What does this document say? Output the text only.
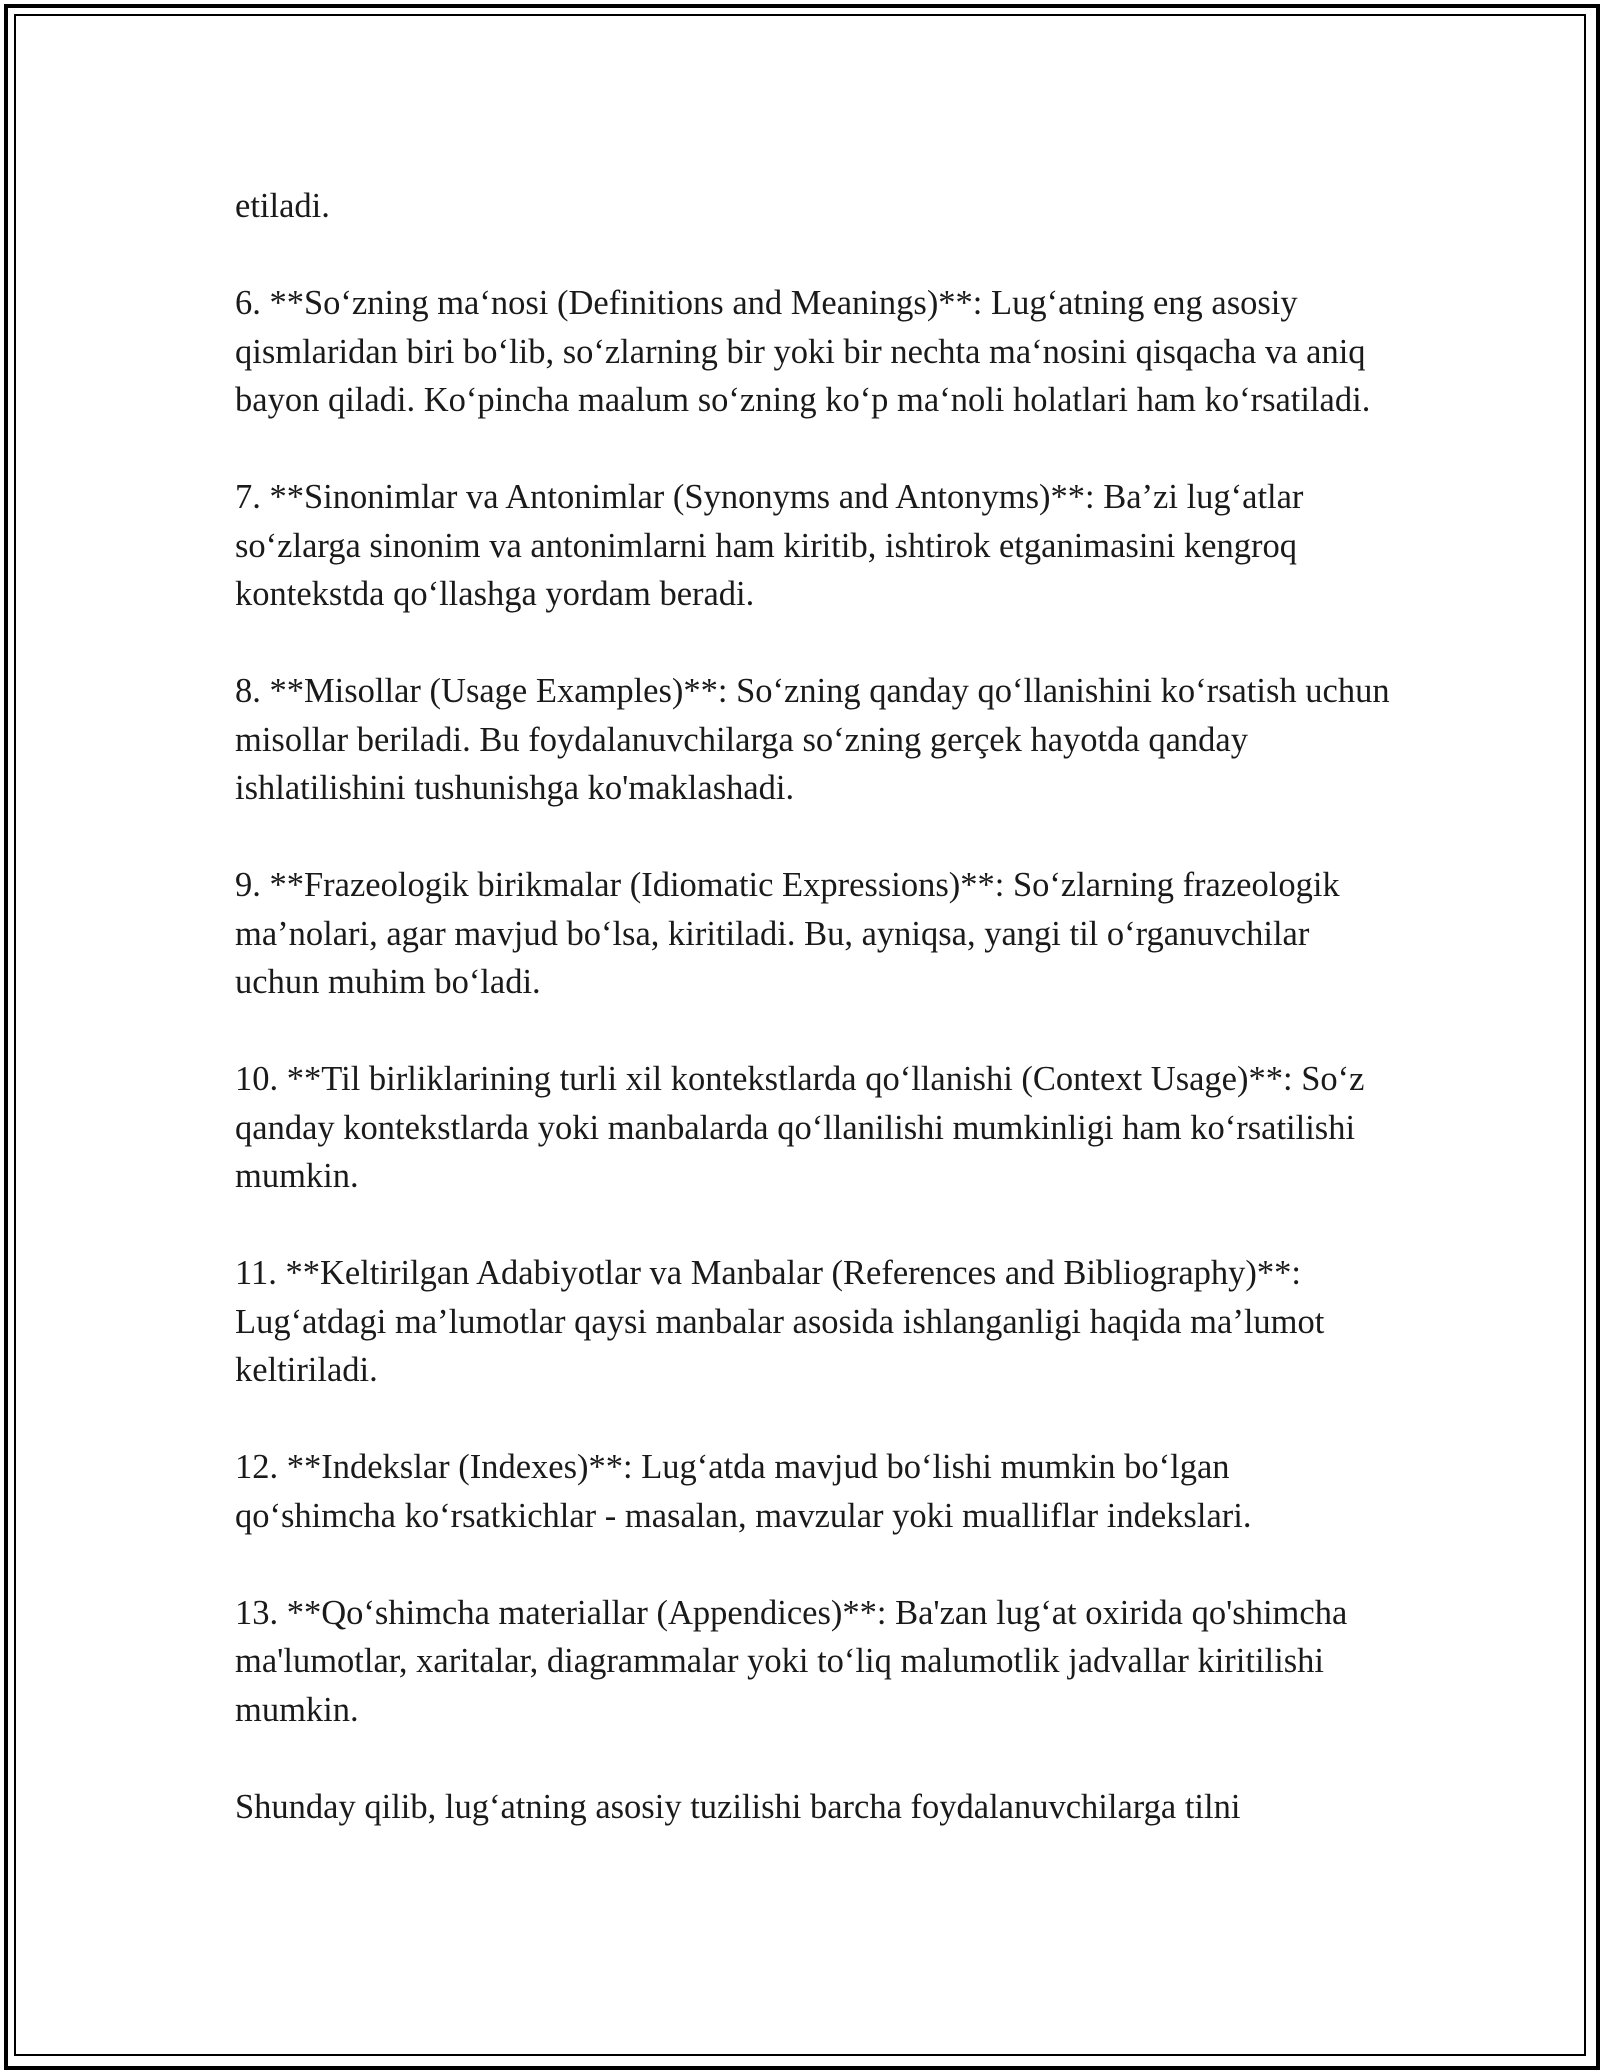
etiladi.

6. **So‘zning ma‘nosi (Definitions and Meanings)**: Lug‘atning eng asosiy qismlaridan biri bo‘lib, so‘zlarning bir yoki bir nechta ma‘nosini qisqacha va aniq bayon qiladi. Ko‘pincha maalum so‘zning ko‘p ma‘noli holatlari ham ko‘rsatiladi.

7. **Sinonimlar va Antonimlar (Synonyms and Antonyms)**: Ba’zi lug‘atlar so‘zlarga sinonim va antonimlarni ham kiritib, ishtirok etganimasini kengroq kontekstda qo‘llashga yordam beradi.

8. **Misollar (Usage Examples)**: So‘zning qanday qo‘llanishini ko‘rsatish uchun misollar beriladi. Bu foydalanuvchilarga so‘zning gerçek hayotda qanday ishlatilishini tushunishga ko'maklashadi.

9. **Frazeologik birikmalar (Idiomatic Expressions)**: So‘zlarning frazeologik ma’nolari, agar mavjud bo‘lsa, kiritiladi. Bu, ayniqsa, yangi til o‘rganuvchilar uchun muhim bo‘ladi.

10. **Til birliklarining turli xil kontekstlarda qo‘llanishi (Context Usage)**: So‘z qanday kontekstlarda yoki manbalarda qo‘llanilishi mumkinligi ham ko‘rsatilishi mumkin.

11. **Keltirilgan Adabiyotlar va Manbalar (References and Bibliography)**: Lug‘atdagi ma’lumotlar qaysi manbalar asosida ishlanganligi haqida ma’lumot keltiriladi.

12. **Indekslar (Indexes)**: Lug‘atda mavjud bo‘lishi mumkin bo‘lgan qo‘shimcha ko‘rsatkichlar - masalan, mavzular yoki mualliflar indekslari.

13. **Qo‘shimcha materiallar (Appendices)**: Ba'zan lug‘at oxirida qo'shimcha ma'lumotlar, xaritalar, diagrammalar yoki to‘liq malumotlik jadvallar kiritilishi mumkin.

Shunday qilib, lug‘atning asosiy tuzilishi barcha foydalanuvchilarga tilni
